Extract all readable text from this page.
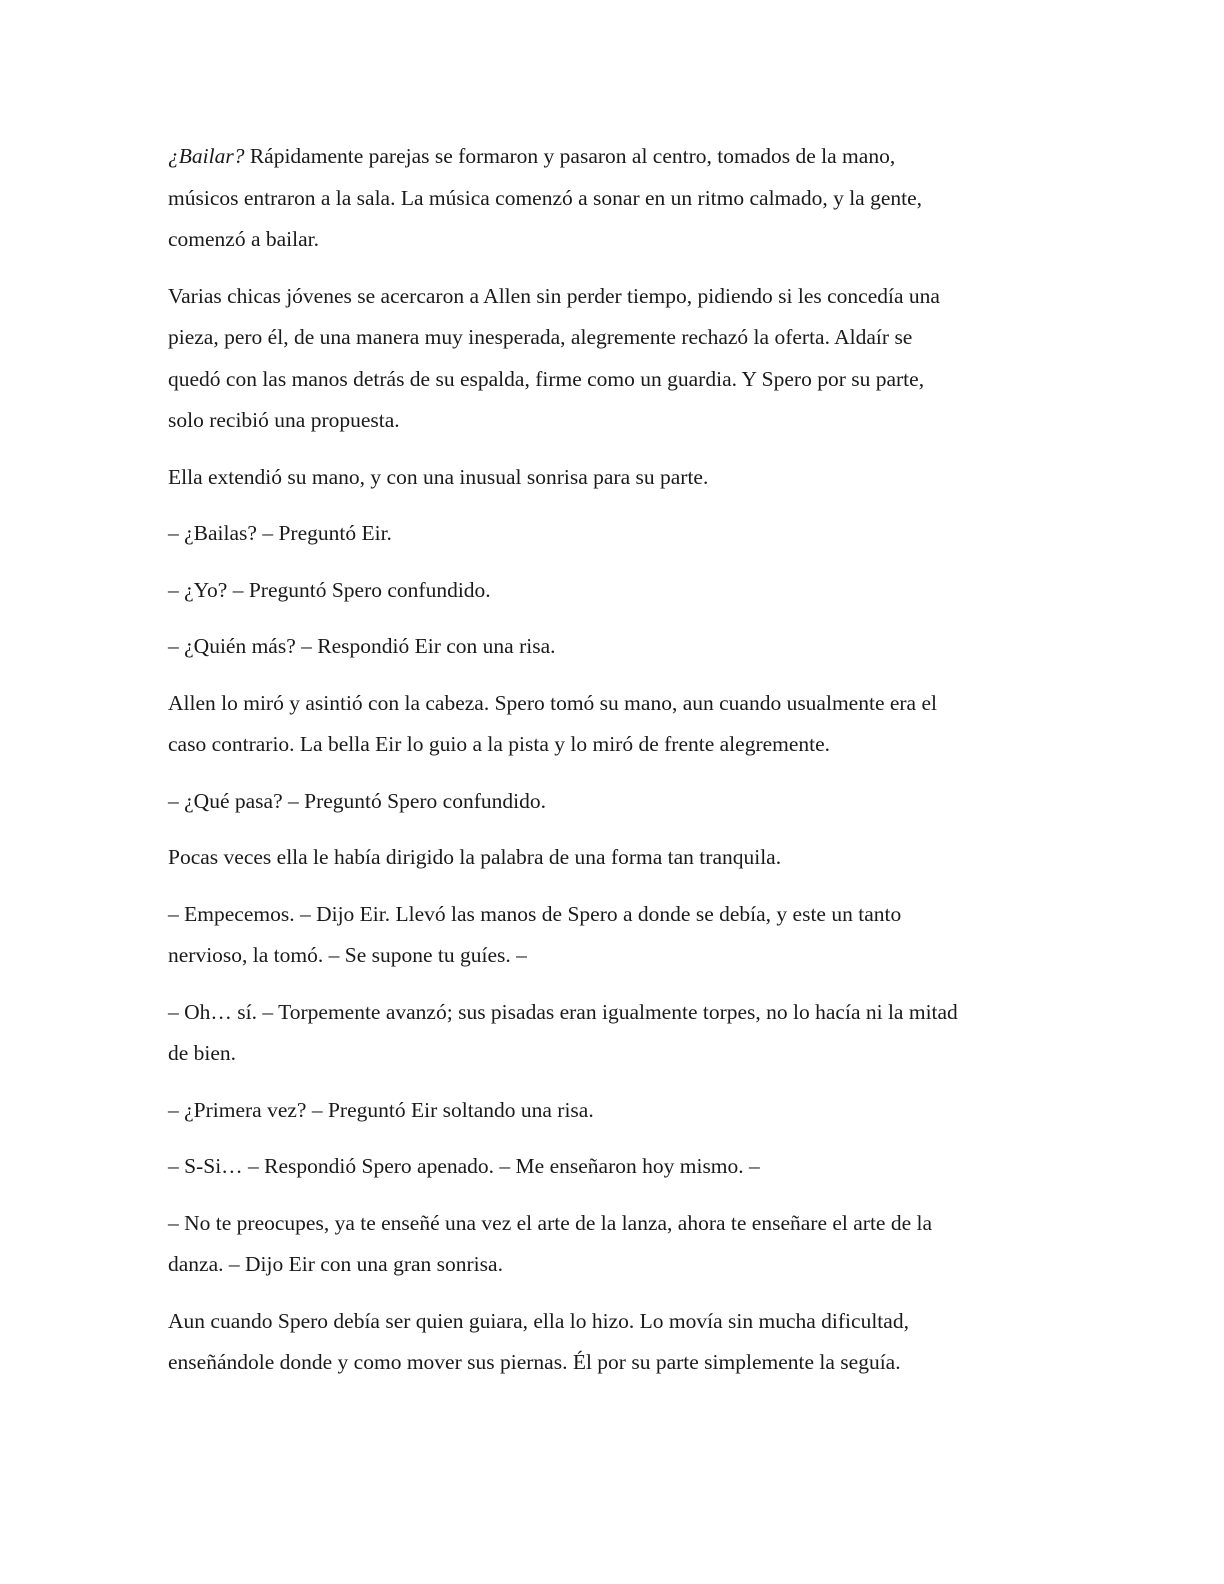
¿Bailar? Rápidamente parejas se formaron y pasaron al centro, tomados de la mano,
músicos entraron a la sala. La música comenzó a sonar en un ritmo calmado, y la gente,
comenzó a bailar.
Varias chicas jóvenes se acercaron a Allen sin perder tiempo, pidiendo si les concedía una
pieza, pero él, de una manera muy inesperada, alegremente rechazó la oferta. Aldaír se
quedó con las manos detrás de su espalda, firme como un guardia. Y Spero por su parte,
solo recibió una propuesta.
Ella extendió su mano, y con una inusual sonrisa para su parte.
– ¿Bailas? – Preguntó Eir.
– ¿Yo? – Preguntó Spero confundido.
– ¿Quién más? – Respondió Eir con una risa.
Allen lo miró y asintió con la cabeza. Spero tomó su mano, aun cuando usualmente era el
caso contrario. La bella Eir lo guio a la pista y lo miró de frente alegremente.
– ¿Qué pasa? – Preguntó Spero confundido.
Pocas veces ella le había dirigido la palabra de una forma tan tranquila.
– Empecemos. – Dijo Eir. Llevó las manos de Spero a donde se debía, y este un tanto
nervioso, la tomó. – Se supone tu guíes. –
– Oh… sí. – Torpemente avanzó; sus pisadas eran igualmente torpes, no lo hacía ni la mitad
de bien.
– ¿Primera vez? – Preguntó Eir soltando una risa.
– S-Si… – Respondió Spero apenado. – Me enseñaron hoy mismo. –
– No te preocupes, ya te enseñé una vez el arte de la lanza, ahora te enseñare el arte de la
danza. – Dijo Eir con una gran sonrisa.
Aun cuando Spero debía ser quien guiara, ella lo hizo. Lo movía sin mucha dificultad,
enseñándole donde y como mover sus piernas. Él por su parte simplemente la seguía.
